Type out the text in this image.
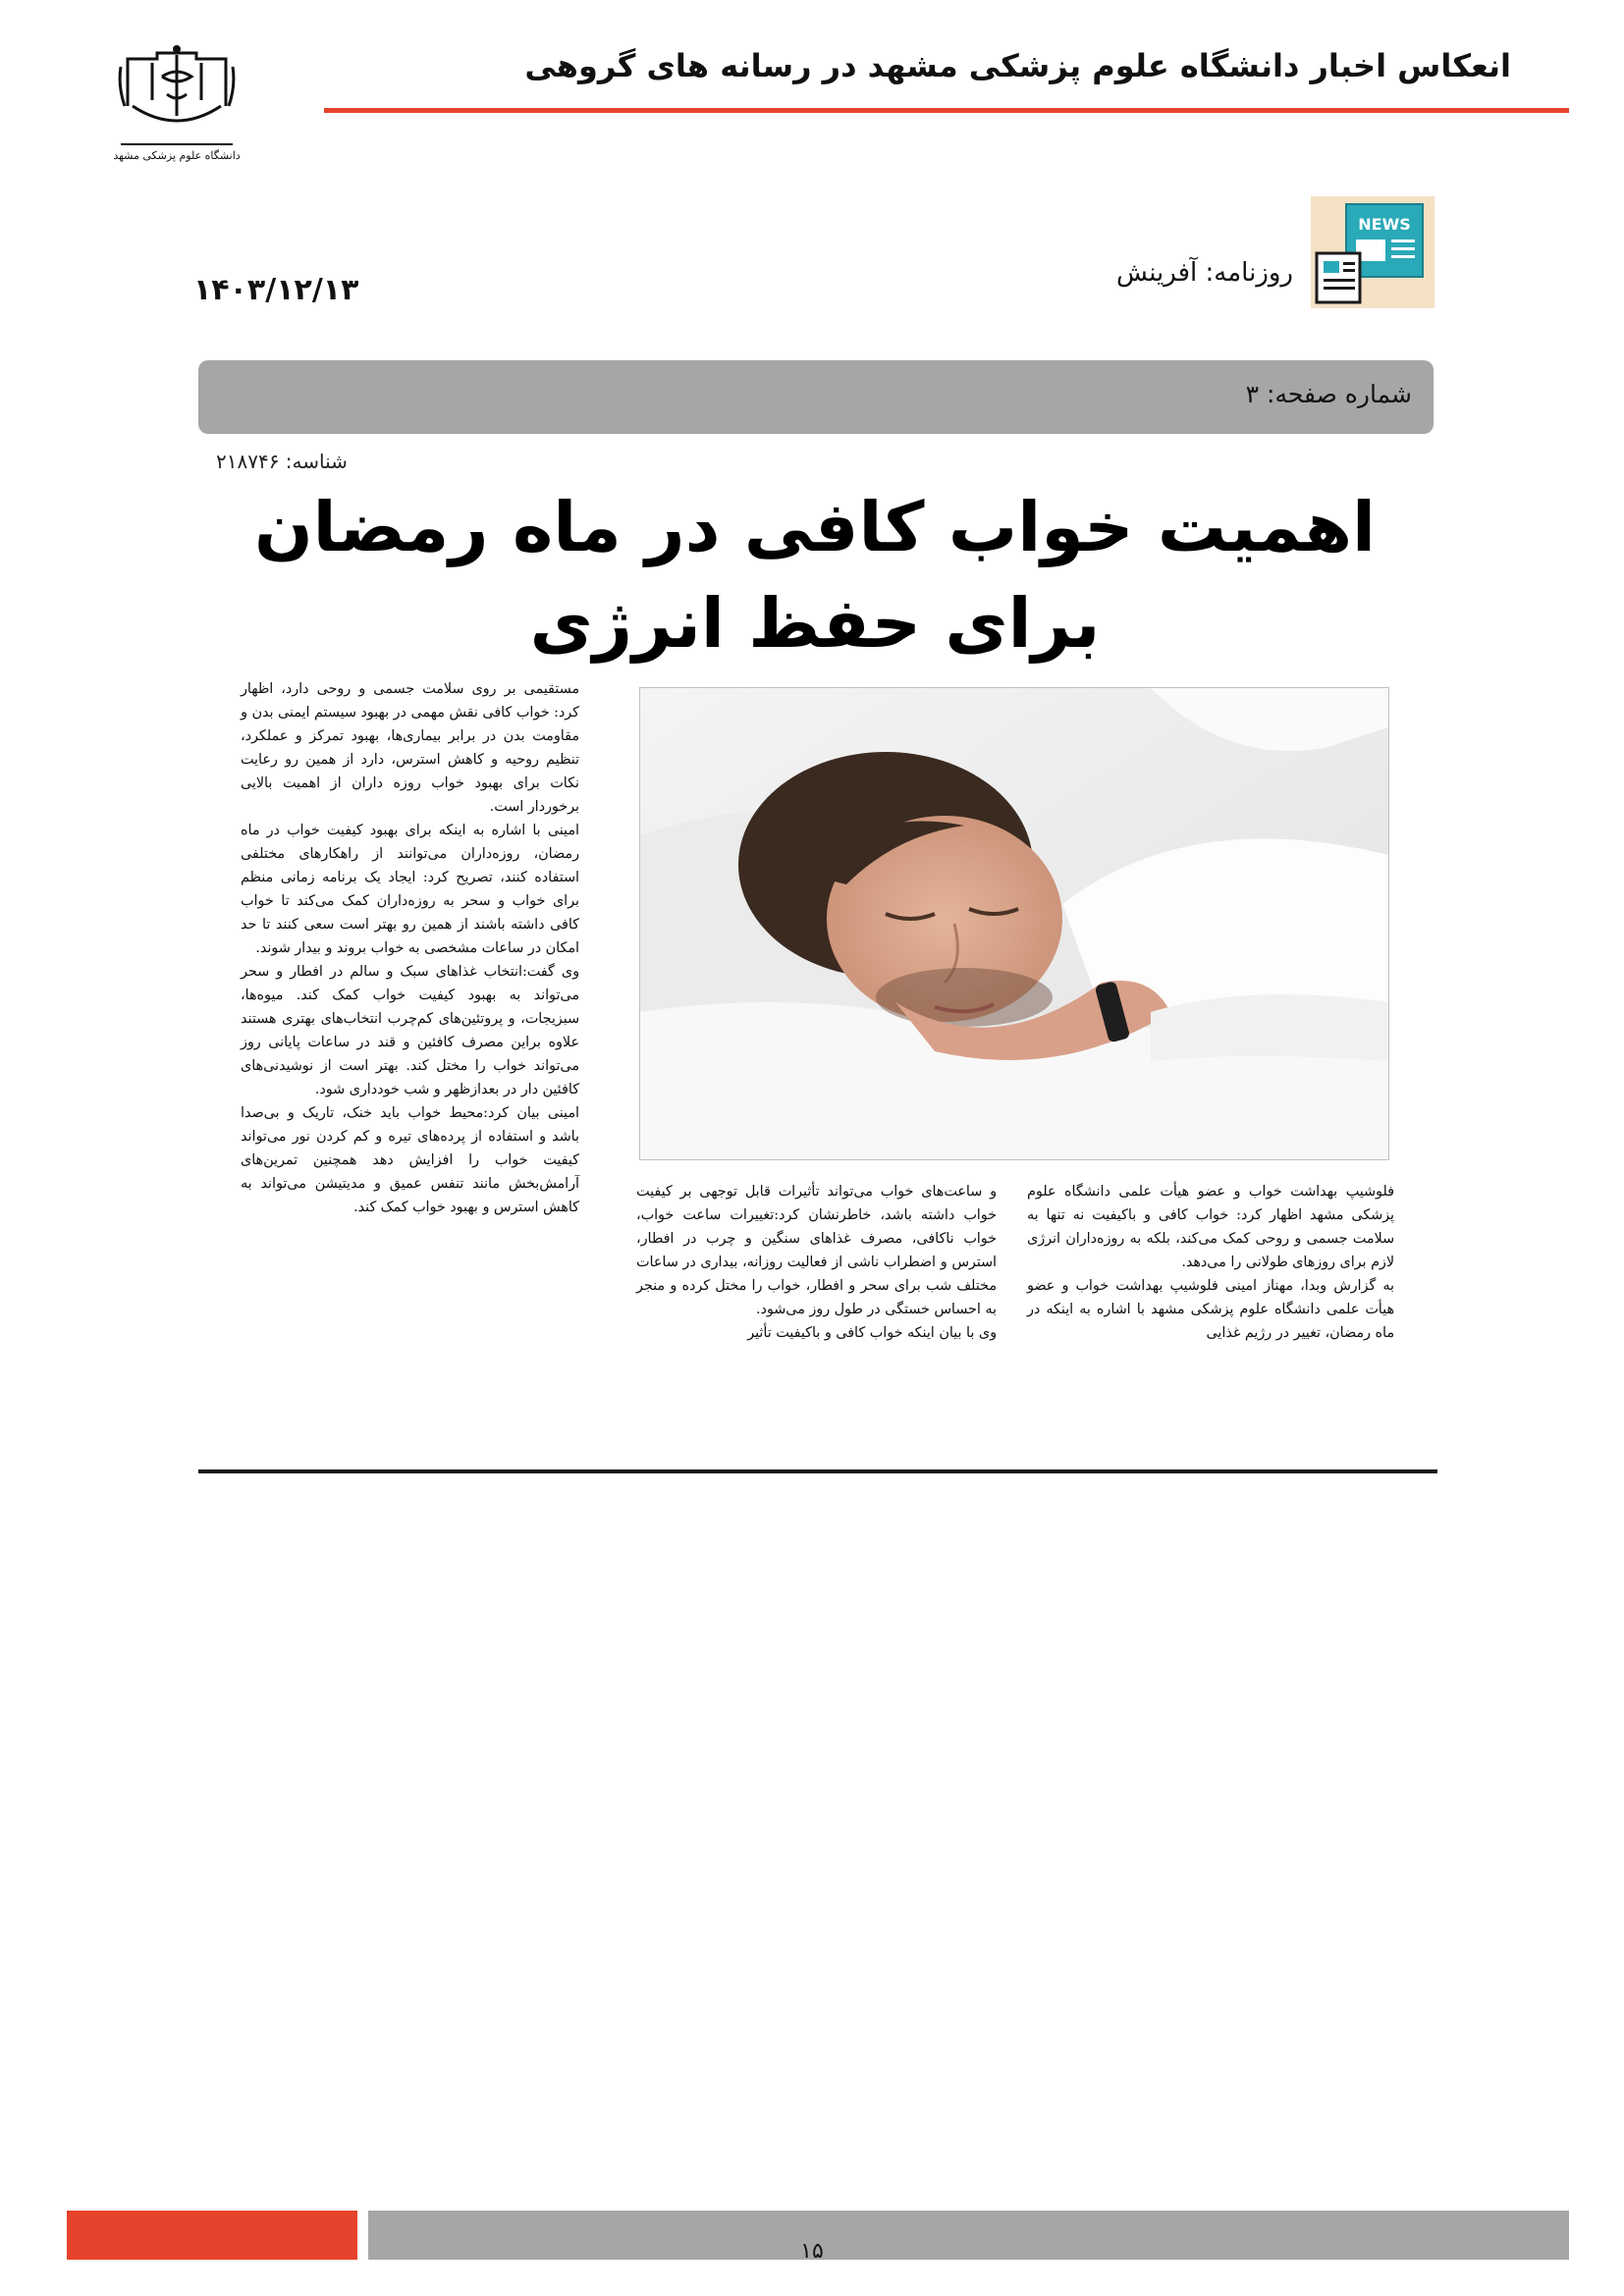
دانشگاه علوم پزشکی مشهد
انعکاس اخبار دانشگاه علوم پزشکی مشهد در رسانه های گروهی
NEWS
روزنامه: آفرینش
۱۴۰۳/۱۲/۱۳
شماره صفحه: ۳
شناسه: ۲۱۸۷۴۶
اهمیت خواب کافی در ماه رمضان برای حفظ انرژی

مستقیمی بر روی سلامت جسمی و روحی دارد، اظهار کرد: خواب کافی نقش مهمی در بهبود سیستم ایمنی بدن و مقاومت بدن در برابر بیماری‌ها، بهبود تمرکز و عملکرد، تنظیم روحیه و کاهش استرس، دارد از همین رو رعایت نکات برای بهبود خواب روزه داران از اهمیت بالایی برخوردار است.

امینی با اشاره به اینکه برای بهبود کیفیت خواب در ماه رمضان، روزه‌داران می‌توانند از راهکارهای مختلفی استفاده کنند، تصریح کرد: ایجاد یک برنامه زمانی منظم برای خواب و سحر به روزه‌داران کمک می‌کند تا خواب کافی داشته باشند از همین رو بهتر است سعی کنند تا حد امکان در ساعات مشخصی به خواب بروند و بیدار شوند.

وی گفت:انتخاب غذاهای سبک و سالم در افطار و سحر می‌تواند به بهبود کیفیت خواب کمک کند. میوه‌ها، سبزیجات، و پروتئین‌های کم‌چرب انتخاب‌های بهتری هستند علاوه براین مصرف کافئین و قند در ساعات پایانی روز می‌تواند خواب را مختل کند. بهتر است از نوشیدنی‌های کافئین دار در بعدازظهر و شب خودداری شود.

امینی بیان کرد:محیط خواب باید خنک، تاریک و بی‌صدا باشد و استفاده از پرده‌های تیره و کم کردن نور می‌تواند کیفیت خواب را افزایش دهد همچنین تمرین‌های آرامش‌بخش مانند تنفس عمیق و مدیتیشن می‌تواند به کاهش استرس و بهبود خواب کمک کند.

و ساعت‌های خواب می‌تواند تأثیرات قابل توجهی بر کیفیت خواب داشته باشد، خاطرنشان کرد:تغییرات ساعت خواب، خواب ناکافی، مصرف غذاهای سنگین و چرب در افطار، استرس و اضطراب ناشی از فعالیت روزانه، بیداری در ساعات مختلف شب برای سحر و افطار، خواب را مختل کرده و منجر به احساس خستگی در طول روز می‌شود.

وی با بیان اینکه خواب کافی و باکیفیت تأثیر

فلوشیپ بهداشت خواب و عضو هیأت علمی دانشگاه علوم پزشکی مشهد اظهار کرد: خواب کافی و باکیفیت نه تنها به سلامت جسمی و روحی کمک می‌کند، بلکه به روزه‌داران انرژی لازم برای روزهای طولانی را می‌دهد.

به گزارش وبدا، مهناز امینی فلوشیپ بهداشت خواب و عضو هیأت علمی دانشگاه علوم پزشکی مشهد با اشاره به اینکه در ماه رمضان، تغییر در رژیم غذایی

۱۵
